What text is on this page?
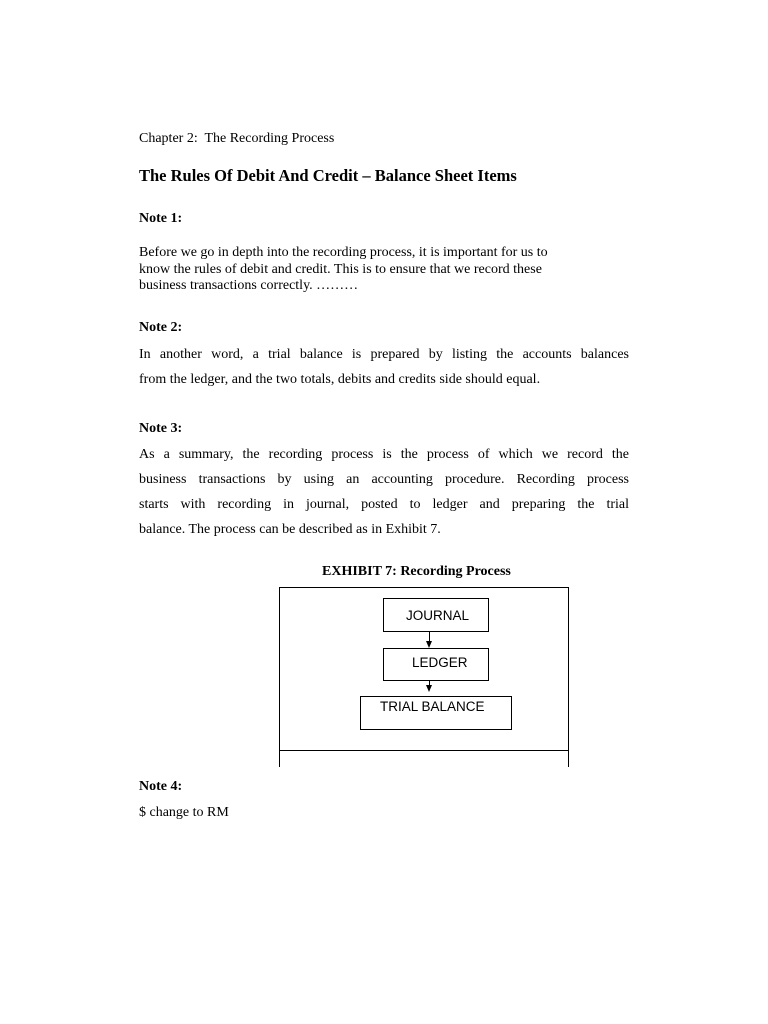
Chapter 2:  The Recording Process
The Rules Of Debit And Credit – Balance Sheet Items
Note 1:

Before we go in depth into the recording process, it is important for us to

know the rules of debit and credit. This is to ensure that we record these

business transactions correctly. ………

Note 2:
In another word, a trial balance is prepared by listing the accounts balances
from the ledger, and the two totals, debits and credits side should equal.
Note 3:
As a summary, the recording process is the process of which we record the
business transactions by using an accounting procedure. Recording process
starts with recording in journal, posted to ledger and preparing the trial
balance. The process can be described as in Exhibit 7.
EXHIBIT 7: Recording Process
JOURNAL
LEDGER
TRIAL BALANCE
Note 4:
$ change to RM
